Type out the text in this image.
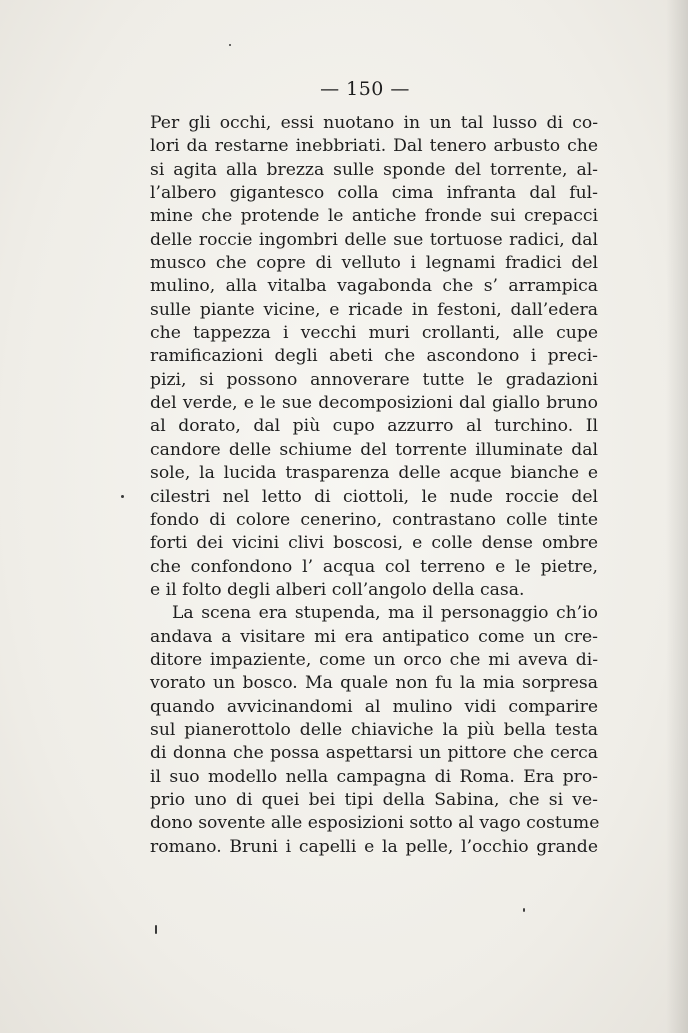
— 150 —
Per gli occhi, essi nuotano in un tal lusso di co-
lori da restarne inebbriati. Dal tenero arbusto che
si agita alla brezza sulle sponde del torrente, al-
l’albero gigantesco colla cima infranta dal ful-
mine che protende le antiche fronde sui crepacci
delle roccie ingombri delle sue tortuose radici, dal
musco che copre di velluto i legnami fradici del
mulino, alla vitalba vagabonda che s’ arrampica
sulle piante vicine, e ricade in festoni, dall’edera
che tappezza i vecchi muri crollanti, alle cupe
ramificazioni degli abeti che ascondono i preci-
pizi, si possono annoverare tutte le gradazioni
del verde, e le sue decomposizioni dal giallo bruno
al dorato, dal più cupo azzurro al turchino. Il
candore delle schiume del torrente illuminate dal
sole, la lucida trasparenza delle acque bianche e
cilestri nel letto di ciottoli, le nude roccie del
fondo di colore cenerino, contrastano colle tinte
forti dei vicini clivi boscosi, e colle dense ombre
che confondono l’ acqua col terreno e le pietre,
e il folto degli alberi coll’angolo della casa.
La scena era stupenda, ma il personaggio ch’io
andava a visitare mi era antipatico come un cre-
ditore impaziente, come un orco che mi aveva di-
vorato un bosco. Ma quale non fu la mia sorpresa
quando avvicinandomi al mulino vidi comparire
sul pianerottolo delle chiaviche la più bella testa
di donna che possa aspettarsi un pittore che cerca
il suo modello nella campagna di Roma. Era pro-
prio uno di quei bei tipi della Sabina, che si ve-
dono sovente alle esposizioni sotto al vago costume
romano. Bruni i capelli e la pelle, l’occhio grande
